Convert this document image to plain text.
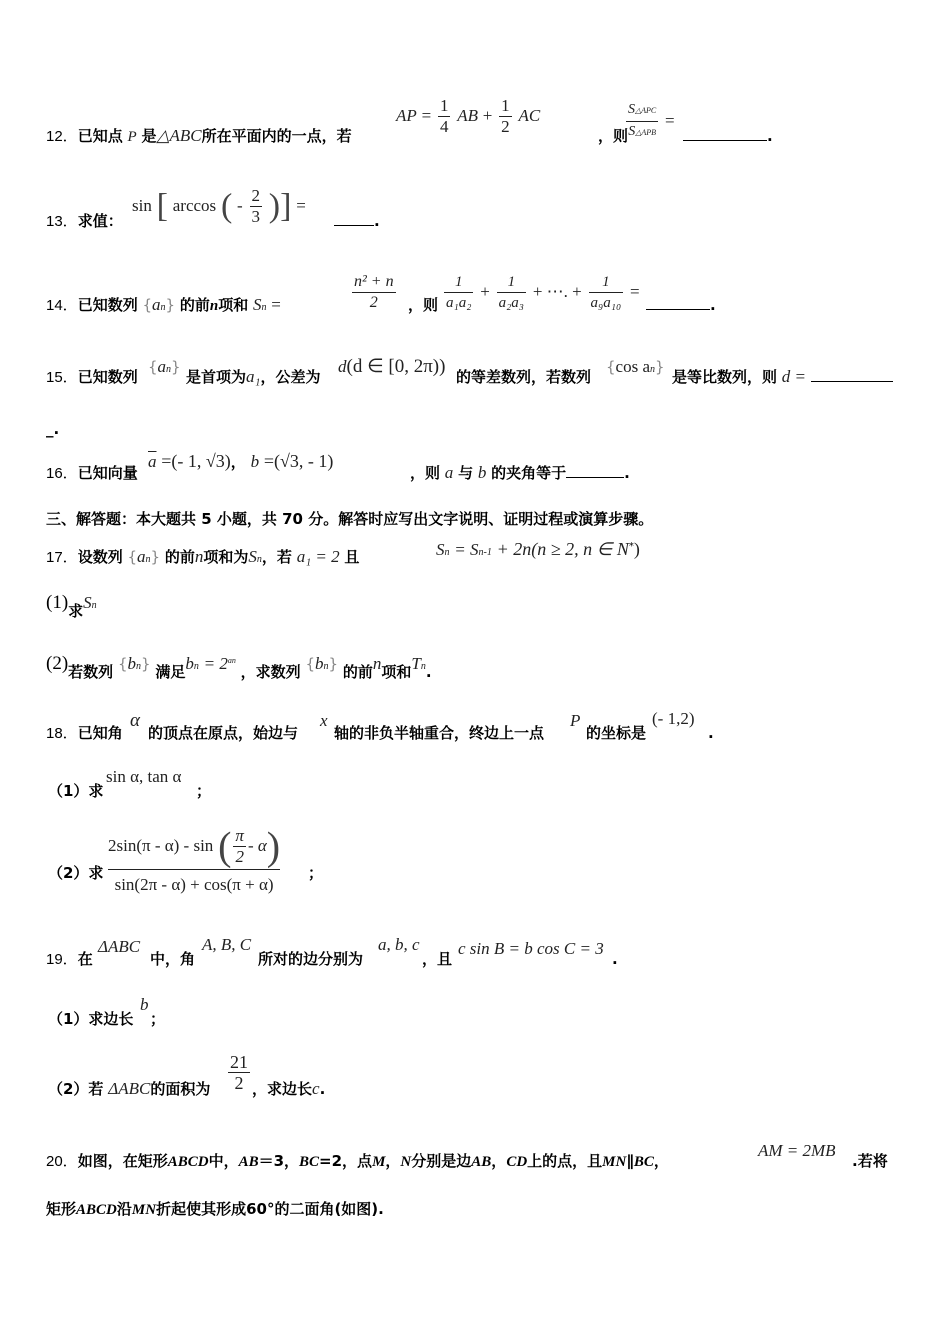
12．已知点 P 是△ABC所在平面内的一点，若
AP = $\frac{1}{4}$ AB + $\frac{1}{2}$ AC
，则
$\frac{\text{S△APC}}{\text{S△APB}}$ =
.
13．求值：
sin [ arccos ( - $\frac{2}{3}$ )] =
.
14．已知数列 {an} 的前n项和 Sn =	$\frac{\text{n² + n}}{2}$ ，则 $\frac{1}{\text{a₁a₂}} + \frac{1}{\text{a₂a₃}}$ + ⋯. + $\frac{1}{\text{a₉a₁₀}}$ =
.
15．已知数列
{an}
是首项为a₁，公差为
d(d ∈ [0, 2π)) 的等差数列，若数列
{cos an}
是等比数列，则 d =
_.
16．已知向量
$\overline{a}$ =(- 1, √3)， b =(√3, - 1)
，则 a 与 b 的夹角等于	.
三、解答题：本大题共 5 小题，共 70 分。解答时应写出文字说明、证明过程或演算步骤。
17．设数列 {an} 的前n项和为Sn，若 a₁ = 2 且	Sn = Sn-1 + 2n(n ≥ 2, n ∈ N*)
(1)求Sn
(2)若数列 {bn} 满足bn = $2^{an}$ ，求数列 {bn} 的前n项和Tn.
18．已知角
α
的顶点在原点，始边与
x
轴的非负半轴重合，终边上一点
P
的坐标是
(- 1,2)
.
（1）求
sin α, tan α
；
（2）求
2sin(π - α) - sin ( $\frac{\pi}{2} - \alpha$)
sin(2π - α) + cos(π + α)
；
19．在
ΔABC
中，角
A, B, C
所对的边分别为
a, b, c
，且
c sin B = b cos C = 3
.
（1）求边长
b
；
（2）若 ΔABC的面积为 $\frac{21}{2}$ ，求边长c.
20．如图，在矩形ABCD中，AB＝3，BC=2，点M，N分别是边AB，CD上的点，且MN∥BC，
AM = 2MB
.若将
矩形ABCD沿MN折起使其形成60°的二面角(如图).
